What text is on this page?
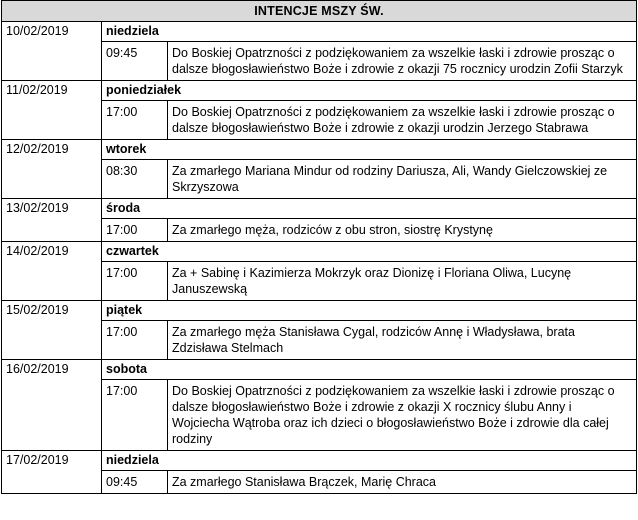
INTENCJE MSZY ŚW.		
10/02/2019	niedziela	
	09:45	Do Boskiej Opatrzności z podziękowaniem za wszelkie łaski i zdrowie prosząc o dalsze błogosławieństwo Boże i zdrowie z okazji 75 rocznicy urodzin Zofii Starzyk
11/02/2019	poniedziałek	
	17:00	Do Boskiej Opatrzności z podziękowaniem za wszelkie łaski i zdrowie prosząc o dalsze błogosławieństwo Boże i zdrowie z okazji urodzin Jerzego Stabrawa
12/02/2019	wtorek	
	08:30	Za zmarłego Mariana Mindur od rodziny Dariusza, Ali, Wandy Gielczowskiej ze Skrzyszowa
13/02/2019	środa	
	17:00	Za zmarłego męża, rodziców z obu stron, siostrę Krystynę
14/02/2019	czwartek	
	17:00	Za + Sabinę i Kazimierza Mokrzyk oraz Dionizę i Floriana Oliwa, Lucynę Januszewską
15/02/2019	piątek	
	17:00	Za zmarłego męża Stanisława Cygal, rodziców Annę i Władysława, brata Zdzisława Stelmach
16/02/2019	sobota	
	17:00	Do Boskiej Opatrzności z podziękowaniem za wszelkie łaski i zdrowie prosząc o dalsze błogosławieństwo Boże i zdrowie z okazji X rocznicy ślubu Anny i Wojciecha Wątroba oraz ich dzieci o błogosławieństwo Boże i zdrowie dla całej rodziny
17/02/2019	niedziela	
	09:45	Za zmarłego Stanisława Brączek, Marię Chraca
